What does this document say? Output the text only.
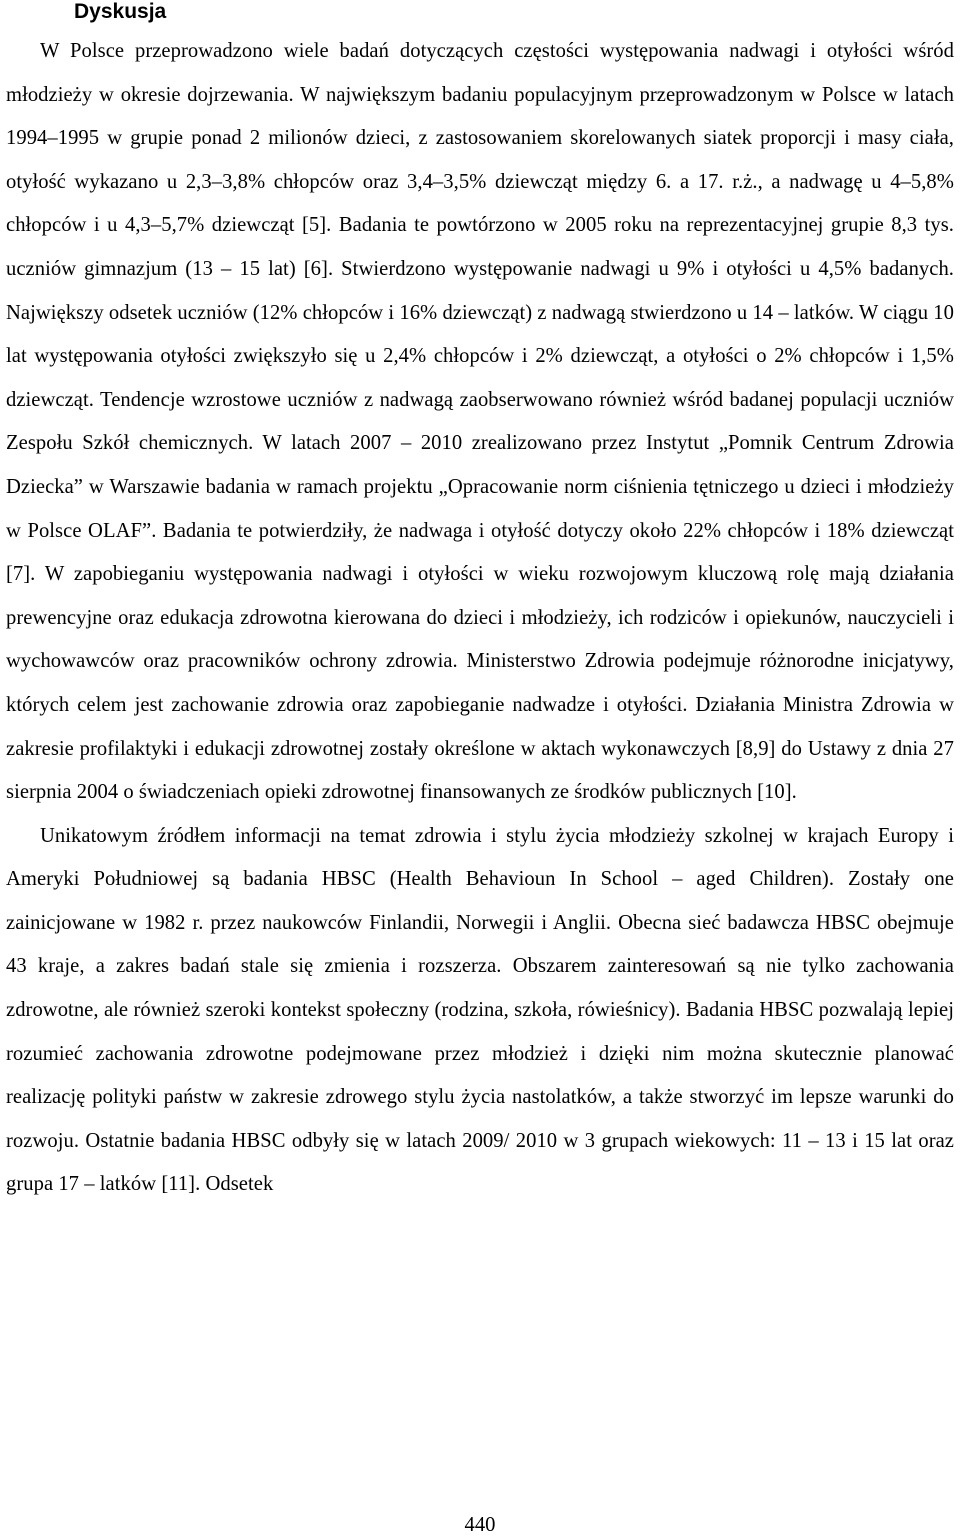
Dyskusja

W Polsce przeprowadzono wiele badań dotyczących częstości występowania nadwagi i otyłości wśród młodzieży w okresie dojrzewania. W największym badaniu populacyjnym przeprowadzonym w Polsce w latach 1994–1995 w grupie ponad 2 milionów dzieci, z zastosowaniem skorelowanych siatek proporcji i masy ciała, otyłość wykazano u 2,3–3,8% chłopców oraz 3,4–3,5% dziewcząt między 6. a 17. r.ż., a nadwagę u 4–5,8% chłopców i u 4,3–5,7% dziewcząt [5]. Badania te powtórzono w 2005 roku na reprezentacyjnej grupie 8,3 tys. uczniów gimnazjum (13 – 15 lat) [6]. Stwierdzono występowanie nadwagi u 9% i otyłości u 4,5% badanych. Największy odsetek uczniów (12% chłopców i 16% dziewcząt) z nadwagą stwierdzono u 14 – latków. W ciągu 10 lat występowania otyłości zwiększyło się u 2,4% chłopców i 2% dziewcząt, a otyłości o 2% chłopców i 1,5% dziewcząt. Tendencje wzrostowe uczniów z nadwagą zaobserwowano również wśród badanej populacji uczniów Zespołu Szkół chemicznych. W latach 2007 – 2010 zrealizowano przez Instytut „Pomnik Centrum Zdrowia Dziecka” w Warszawie badania w ramach projektu „Opracowanie norm ciśnienia tętniczego u dzieci i młodzieży w Polsce OLAF”. Badania te potwierdziły, że nadwaga i otyłość dotyczy około 22% chłopców i 18% dziewcząt [7]. W zapobieganiu występowania nadwagi i otyłości w wieku rozwojowym kluczową rolę mają działania prewencyjne oraz edukacja zdrowotna kierowana do dzieci i młodzieży, ich rodziców i opiekunów, nauczycieli i wychowawców oraz pracowników ochrony zdrowia. Ministerstwo Zdrowia podejmuje różnorodne inicjatywy, których celem jest zachowanie zdrowia oraz zapobieganie nadwadze i otyłości. Działania Ministra Zdrowia w zakresie profilaktyki i edukacji zdrowotnej zostały określone w aktach wykonawczych [8,9] do Ustawy z dnia 27 sierpnia 2004 o świadczeniach opieki zdrowotnej finansowanych ze środków publicznych [10].

Unikatowym źródłem informacji na temat zdrowia i stylu życia młodzieży szkolnej w krajach Europy i Ameryki Południowej są badania HBSC (Health Behavioun In School – aged Children). Zostały one zainicjowane w 1982 r. przez naukowców Finlandii, Norwegii i Anglii. Obecna sieć badawcza HBSC obejmuje 43 kraje, a zakres badań stale się zmienia i rozszerza. Obszarem zainteresowań są nie tylko zachowania zdrowotne, ale również szeroki kontekst społeczny (rodzina, szkoła, rówieśnicy). Badania HBSC pozwalają lepiej rozumieć zachowania zdrowotne podejmowane przez młodzież i dzięki nim można skutecznie planować realizację polityki państw w zakresie zdrowego stylu życia nastolatków, a także stworzyć im lepsze warunki do rozwoju. Ostatnie badania HBSC odbyły się w latach 2009/ 2010 w 3 grupach wiekowych: 11 – 13 i 15 lat oraz grupa 17 – latków [11]. Odsetek

440
